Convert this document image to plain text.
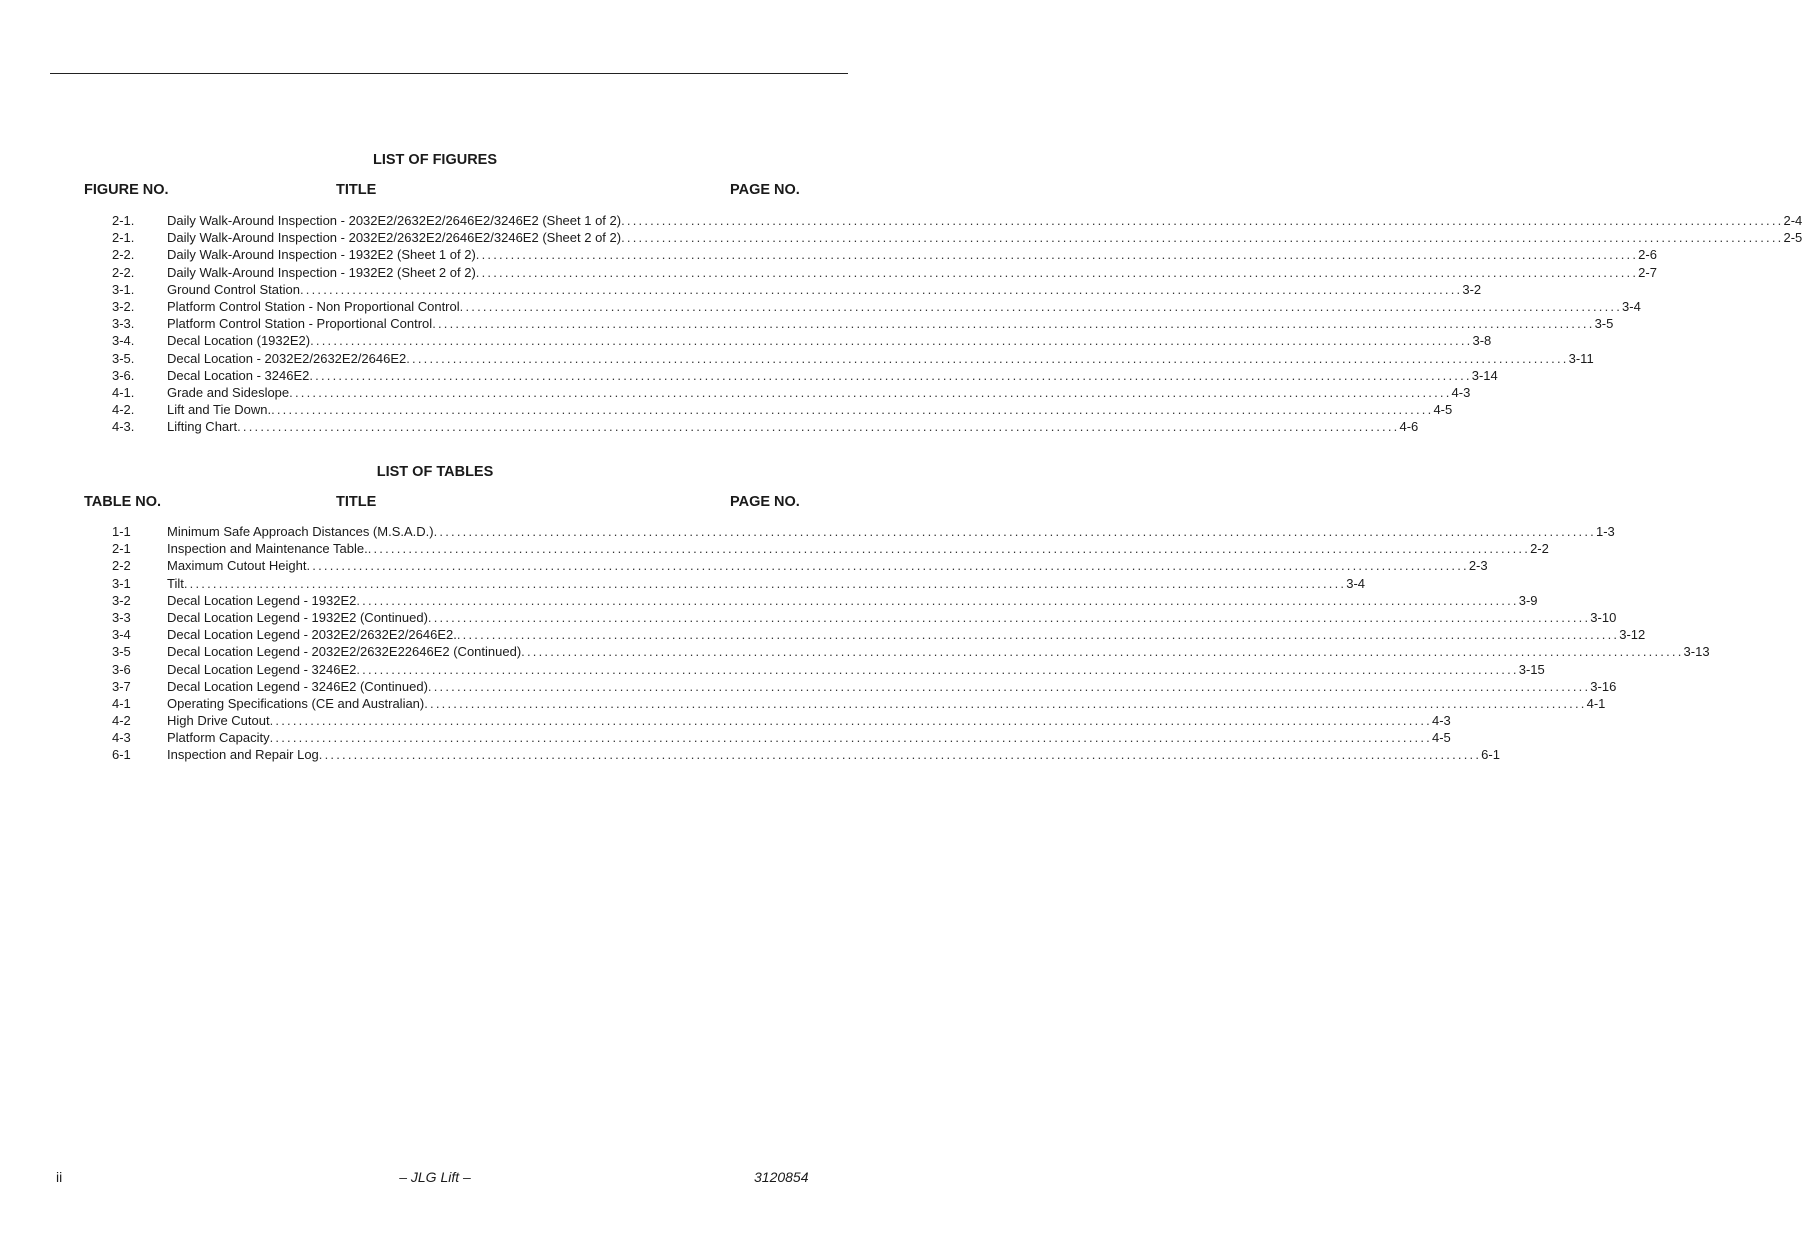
LIST OF FIGURES
FIGURE NO.	TITLE	PAGE NO.
2-1.	Daily Walk-Around Inspection - 2032E2/2632E2/2646E2/3246E2 (Sheet 1 of 2) ........................................................................................................................................................................................................ 2-4
2-1.	Daily Walk-Around Inspection - 2032E2/2632E2/2646E2/3246E2 (Sheet 2 of 2) ........................................................................................................................................................................................................ 2-5
2-2.	Daily Walk-Around Inspection - 1932E2 (Sheet 1 of 2) ........................................................................................................................................................................................................ 2-6
2-2.	Daily Walk-Around Inspection - 1932E2 (Sheet 2 of 2) ........................................................................................................................................................................................................ 2-7
3-1.	Ground Control Station ........................................................................................................................................................................................................ 3-2
3-2.	Platform Control Station - Non Proportional Control ........................................................................................................................................................................................................ 3-4
3-3.	Platform Control Station - Proportional Control ........................................................................................................................................................................................................ 3-5
3-4.	Decal Location (1932E2) ........................................................................................................................................................................................................ 3-8
3-5.	Decal Location - 2032E2/2632E2/2646E2 ........................................................................................................................................................................................................ 3-11
3-6.	Decal Location - 3246E2 ........................................................................................................................................................................................................ 3-14
4-1.	Grade and Sideslope ........................................................................................................................................................................................................ 4-3
4-2.	Lift and Tie Down. ........................................................................................................................................................................................................ 4-5
4-3.	Lifting Chart ........................................................................................................................................................................................................ 4-6
LIST OF TABLES
TABLE NO.	TITLE	PAGE NO.
1-1	Minimum Safe Approach Distances (M.S.A.D.) ........................................................................................................................................................................................................ 1-3
2-1	Inspection and Maintenance Table. ........................................................................................................................................................................................................ 2-2
2-2	Maximum Cutout Height ........................................................................................................................................................................................................ 2-3
3-1	Tilt ........................................................................................................................................................................................................ 3-4
3-2	Decal Location Legend - 1932E2 ........................................................................................................................................................................................................ 3-9
3-3	Decal Location Legend - 1932E2 (Continued) ........................................................................................................................................................................................................ 3-10
3-4	Decal Location Legend - 2032E2/2632E2/2646E2. ........................................................................................................................................................................................................ 3-12
3-5	Decal Location Legend - 2032E2/2632E22646E2 (Continued) ........................................................................................................................................................................................................ 3-13
3-6	Decal Location Legend - 3246E2 ........................................................................................................................................................................................................ 3-15
3-7	Decal Location Legend - 3246E2 (Continued) ........................................................................................................................................................................................................ 3-16
4-1	Operating Specifications (CE and Australian) ........................................................................................................................................................................................................ 4-1
4-2	High Drive Cutout ........................................................................................................................................................................................................ 4-3
4-3	Platform Capacity ........................................................................................................................................................................................................ 4-5
6-1	Inspection and Repair Log ........................................................................................................................................................................................................ 6-1
ii	– JLG Lift –	3120854
